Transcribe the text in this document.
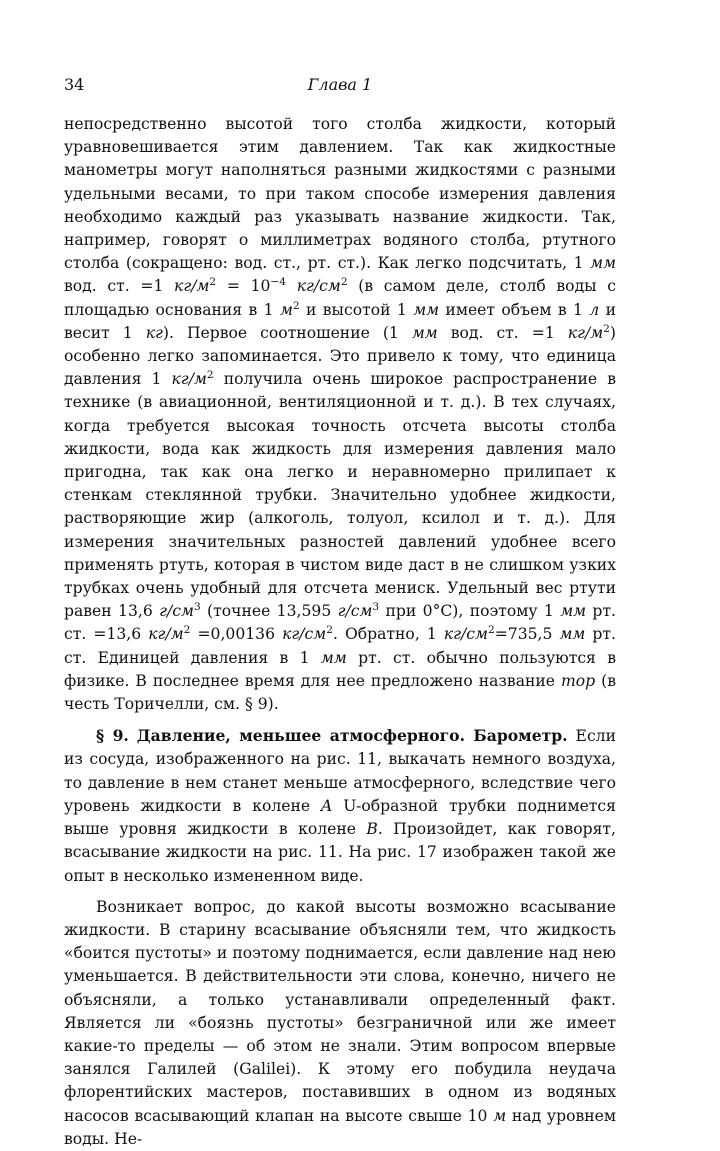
34	Глава 1

непосредственно высотой того столба жидкости, который уравновешивается этим давлением. Так как жидкостные манометры могут наполняться разными жидкостями с разными удельными весами, то при таком способе измерения давления необходимо каждый раз указывать название жидкости. Так, например, говорят о миллиметрах водяного столба, ртутного столба (сокращено: вод. ст., рт. ст.). Как легко подсчитать, 1 мм вод. ст. =1 $кг/м^2 = 10^{-4}$ $кг/см^2$ (в самом деле, столб воды с площадью основания в 1 $м^2$ и высотой 1 мм имеет объем в 1 л и весит 1 кг). Первое соотношение (1 мм вод. ст. =1 $кг/м^2$) особенно легко запоминается. Это привело к тому, что единица давления 1 $кг/м^2$ получила очень широкое распространение в технике (в авиационной, вентиляционной и т. д.). В тех случаях, когда требуется высокая точность отсчета высоты столба жидкости, вода как жидкость для измерения давления мало пригодна, так как она легко и неравномерно прилипает к стенкам стеклянной трубки. Значительно удобнее жидкости, растворяющие жир (алкоголь, толуол, ксилол и т. д.). Для измерения значительных разностей давлений удобнее всего применять ртуть, которая в чистом виде даст в не слишком узких трубках очень удобный для отсчета мениск. Удельный вес ртути равен 13,6 $г/см^3$ (точнее 13,595 $г/см^3$ при 0°C), поэтому 1 мм рт. ст. =13,6 $кг/м^2 =0,00136$ $кг/см^2$. Обратно, 1 $кг/см^2=735,5$ мм рт. ст. Единицей давления в 1 мм рт. ст. обычно пользуются в физике. В последнее время для нее предложено название тор (в честь Торичелли, см. § 9).

§ 9. Давление, меньшее атмосферного. Барометр. Если из сосуда, изображенного на рис. 11, выкачать немного воздуха, то давление в нем станет меньше атмосферного, вследствие чего уровень жидкости в колене A U-образной трубки поднимется выше уровня жидкости в колене B. Произойдет, как говорят, всасывание жидкости на рис. 11. На рис. 17 изображен такой же опыт в несколько измененном виде.

Возникает вопрос, до какой высоты возможно всасывание жидкости. В старину всасывание объясняли тем, что жидкость «боится пустоты» и поэтому поднимается, если давление над нею уменьшается. В действительности эти слова, конечно, ничего не объясняли, а только устанавливали определенный факт. Является ли «боязнь пустоты» безграничной или же имеет какие-то пределы — об этом не знали. Этим вопросом впервые занялся Галилей (Galilei). К этому его побудила неудача флорентийских мастеров, поставивших в одном из водяных насосов всасывающий клапан на высоте свыше 10 м над уровнем воды. Не-
